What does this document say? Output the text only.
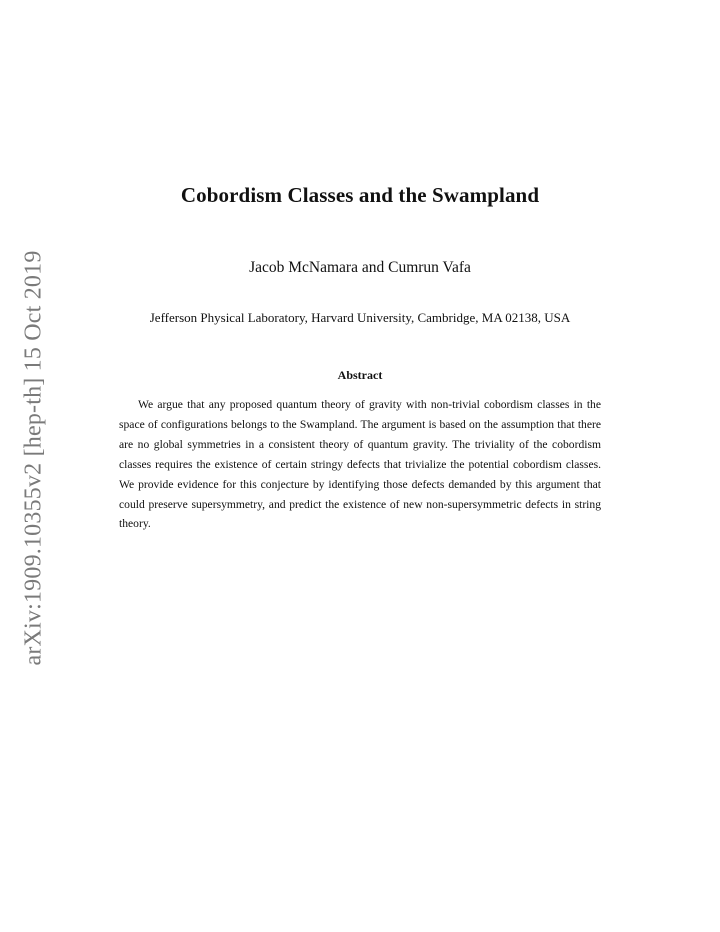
arXiv:1909.10355v2 [hep-th] 15 Oct 2019
Cobordism Classes and the Swampland
Jacob McNamara and Cumrun Vafa
Jefferson Physical Laboratory, Harvard University, Cambridge, MA 02138, USA
Abstract

We argue that any proposed quantum theory of gravity with non-trivial cobordism classes in the space of configurations belongs to the Swampland. The argument is based on the assumption that there are no global symmetries in a consistent theory of quantum gravity. The triviality of the cobordism classes requires the existence of certain stringy defects that trivialize the potential cobordism classes. We provide evidence for this conjecture by identifying those defects demanded by this argument that could preserve supersymmetry, and predict the existence of new non-supersymmetric defects in string theory.
